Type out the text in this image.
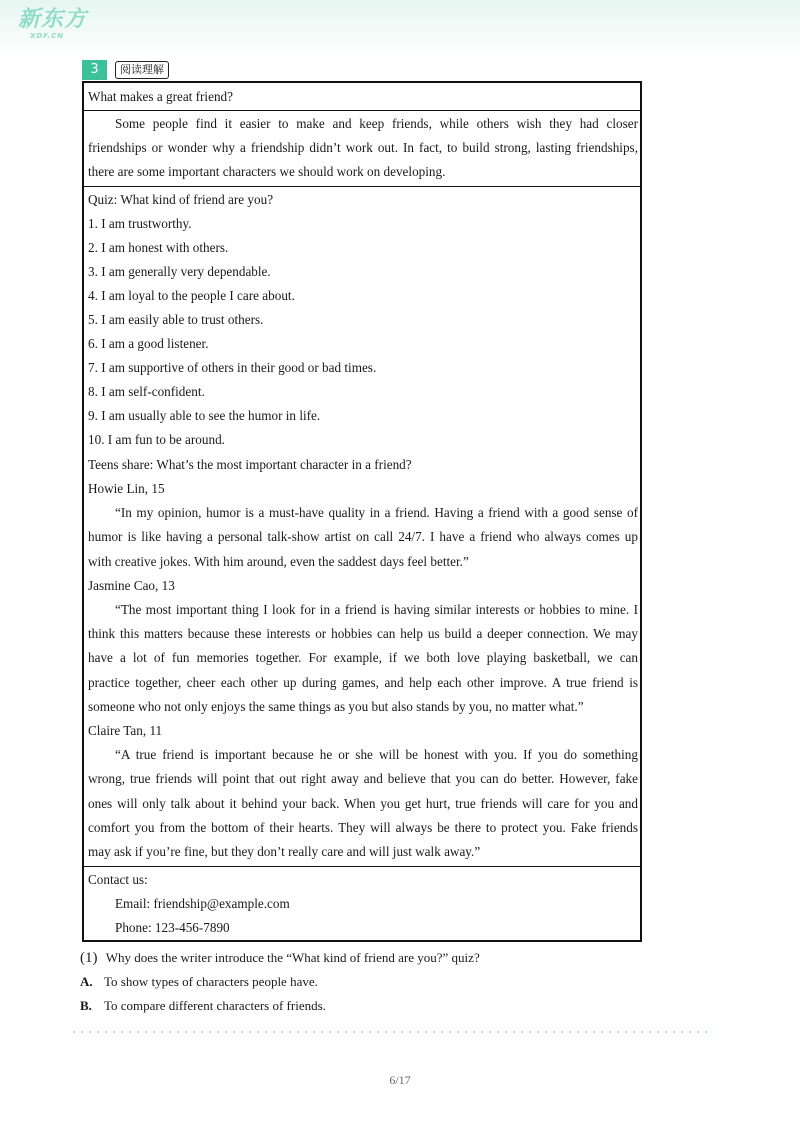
新东方
XDF.CN
3	阅读理解
What makes a great friend?
Some people find it easier to make and keep friends, while others wish they had closer
friendships or wonder why a friendship didn’t work out. In fact, to build strong, lasting friendships,
there are some important characters we should work on developing.
Quiz: What kind of friend are you?
1. I am trustworthy.
2. I am honest with others.
3. I am generally very dependable.
4. I am loyal to the people I care about.
5. I am easily able to trust others.
6. I am a good listener.
7. I am supportive of others in their good or bad times.
8. I am self-confident.
9. I am usually able to see the humor in life.
10. I am fun to be around.
Teens share: What’s the most important character in a friend?
Howie Lin, 15
“In my opinion, humor is a must-have quality in a friend. Having a friend with a good sense of
humor is like having a personal talk-show artist on call 24/7. I have a friend who always comes up
with creative jokes. With him around, even the saddest days feel better.”
Jasmine Cao, 13
“The most important thing I look for in a friend is having similar interests or hobbies to mine. I
think this matters because these interests or hobbies can help us build a deeper connection. We may
have a lot of fun memories together. For example, if we both love playing basketball, we can
practice together, cheer each other up during games, and help each other improve. A true friend is
someone who not only enjoys the same things as you but also stands by you, no matter what.”
Claire Tan, 11
“A true friend is important because he or she will be honest with you. If you do something
wrong, true friends will point that out right away and believe that you can do better. However, fake
ones will only talk about it behind your back. When you get hurt, true friends will care for you and
comfort you from the bottom of their hearts. They will always be there to protect you. Fake friends
may ask if you’re fine, but they don’t really care and will just walk away.”
Contact us:
Email: friendship@example.com
Phone: 123-456-7890
(1) Why does the writer introduce the “What kind of friend are you?” quiz?
A. To show types of characters people have.
B. To compare different characters of friends.
6/17
